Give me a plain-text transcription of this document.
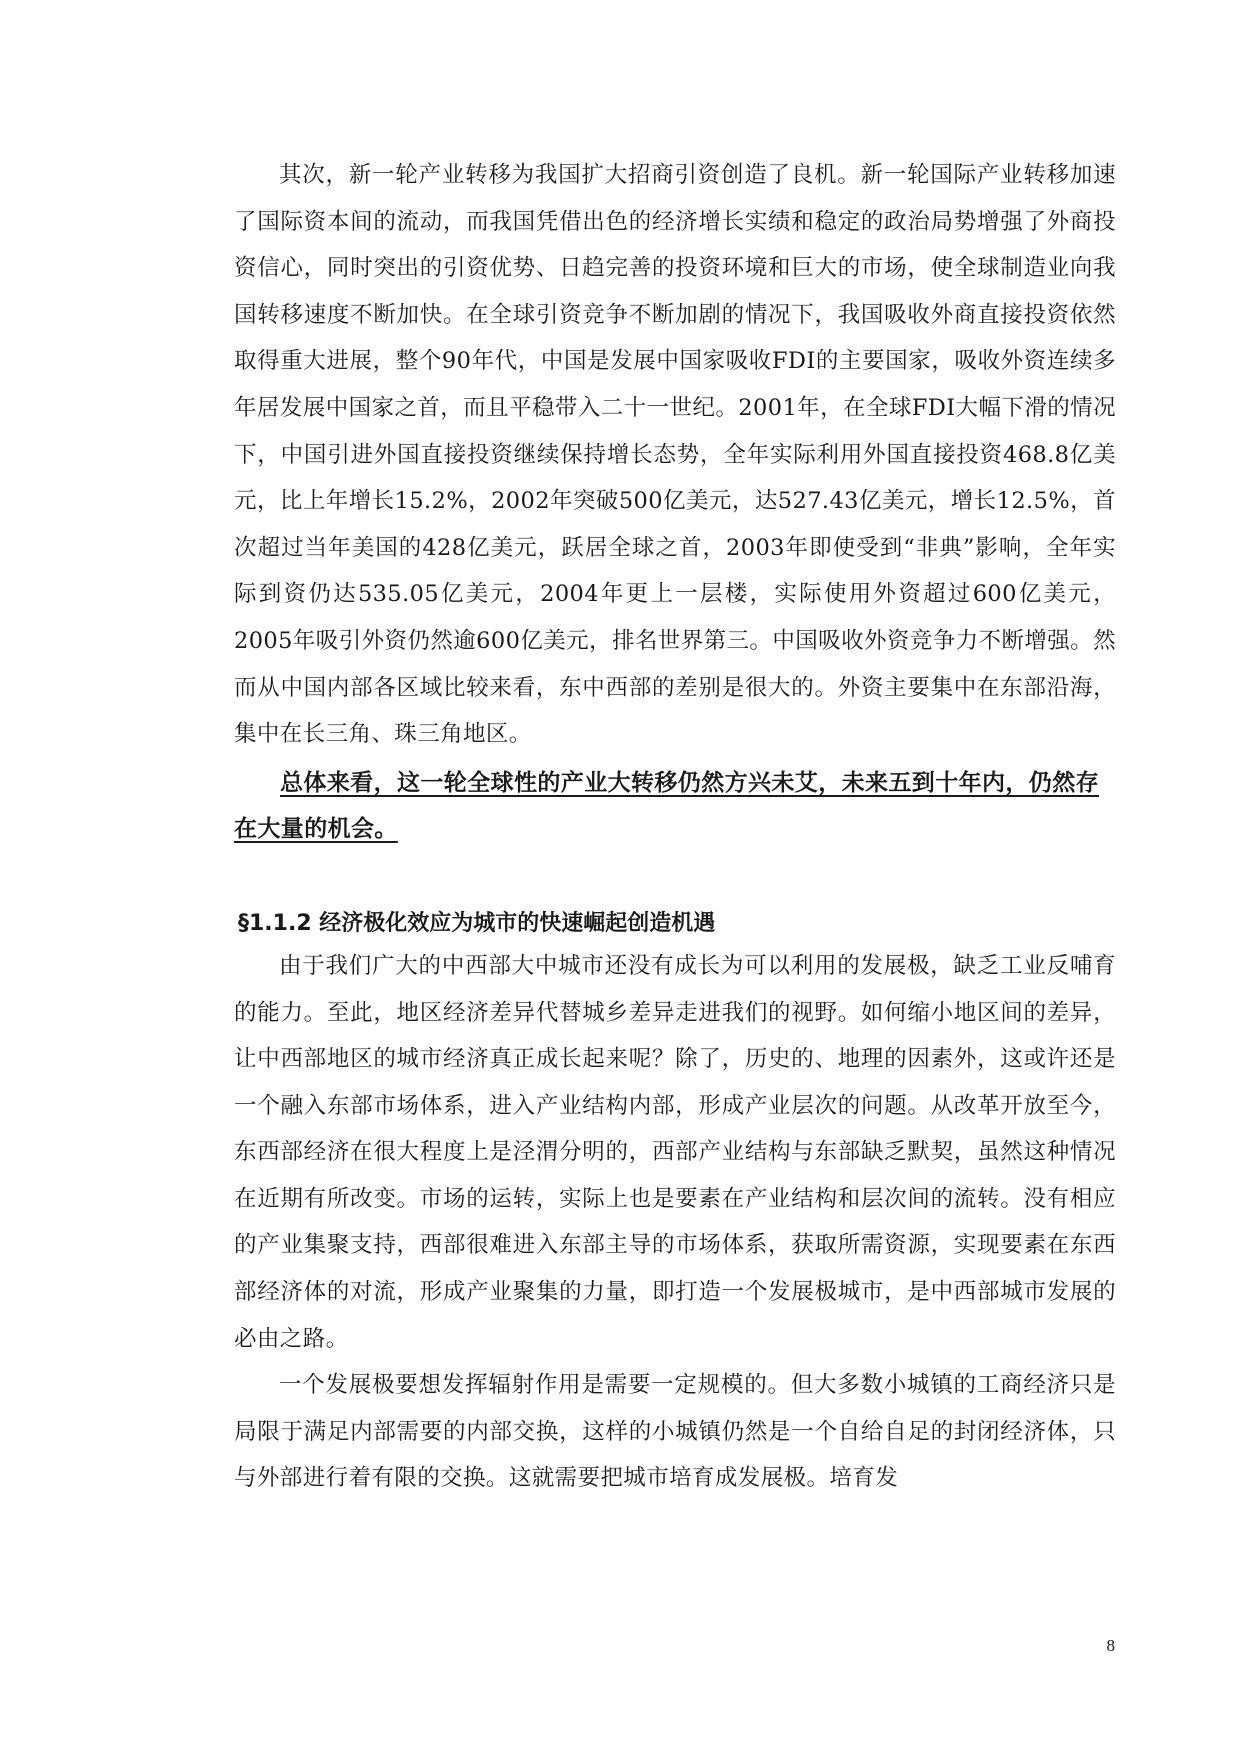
其次，新一轮产业转移为我国扩大招商引资创造了良机。新一轮国际产业转移加速了国际资本间的流动，而我国凭借出色的经济增长实绩和稳定的政治局势增强了外商投资信心，同时突出的引资优势、日趋完善的投资环境和巨大的市场，使全球制造业向我国转移速度不断加快。在全球引资竞争不断加剧的情况下，我国吸收外商直接投资依然取得重大进展，整个90年代，中国是发展中国家吸收FDI的主要国家，吸收外资连续多年居发展中国家之首，而且平稳带入二十一世纪。2001年，在全球FDI大幅下滑的情况下，中国引进外国直接投资继续保持增长态势，全年实际利用外国直接投资468.8亿美元，比上年增长15.2%，2002年突破500亿美元，达527.43亿美元，增长12.5%，首次超过当年美国的428亿美元，跃居全球之首，2003年即使受到“非典”影响，全年实际到资仍达535.05亿美元，2004年更上一层楼，实际使用外资超过600亿美元，2005年吸引外资仍然逾600亿美元，排名世界第三。中国吸收外资竞争力不断增强。然而从中国内部各区域比较来看，东中西部的差别是很大的。外资主要集中在东部沿海，集中在长三角、珠三角地区。

总体来看，这一轮全球性的产业大转移仍然方兴未艾，未来五到十年内，仍然存在大量的机会。

§1.1.2 经济极化效应为城市的快速崛起创造机遇

由于我们广大的中西部大中城市还没有成长为可以利用的发展极，缺乏工业反哺育的能力。至此，地区经济差异代替城乡差异走进我们的视野。如何缩小地区间的差异，让中西部地区的城市经济真正成长起来呢？除了，历史的、地理的因素外，这或许还是一个融入东部市场体系，进入产业结构内部，形成产业层次的问题。从改革开放至今，东西部经济在很大程度上是泾渭分明的，西部产业结构与东部缺乏默契，虽然这种情况在近期有所改变。市场的运转，实际上也是要素在产业结构和层次间的流转。没有相应的产业集聚支持，西部很难进入东部主导的市场体系，获取所需资源，实现要素在东西部经济体的对流，形成产业聚集的力量，即打造一个发展极城市，是中西部城市发展的必由之路。

一个发展极要想发挥辐射作用是需要一定规模的。但大多数小城镇的工商经济只是局限于满足内部需要的内部交换，这样的小城镇仍然是一个自给自足的封闭经济体，只与外部进行着有限的交换。这就需要把城市培育成发展极。培育发

8
